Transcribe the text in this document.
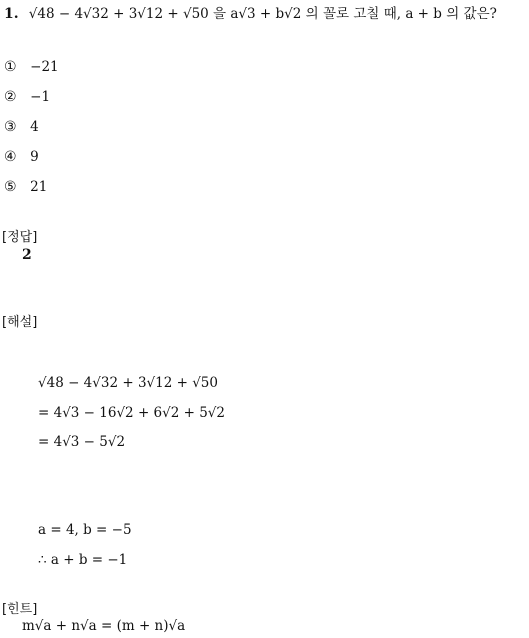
1. √48 − 4√32 + 3√12 + √50 을 a√3 + b√2 의 꼴로 고칠 때, a + b 의 값은?
① −21
② −1
③ 4
④ 9
⑤ 21
[정답]
2
[해설]
√48 − 4√32 + 3√12 + √50
= 4√3 − 16√2 + 6√2 + 5√2
= 4√3 − 5√2
a = 4, b = −5
∴ a + b = −1
[힌트]
m√a + n√a = (m + n)√a
